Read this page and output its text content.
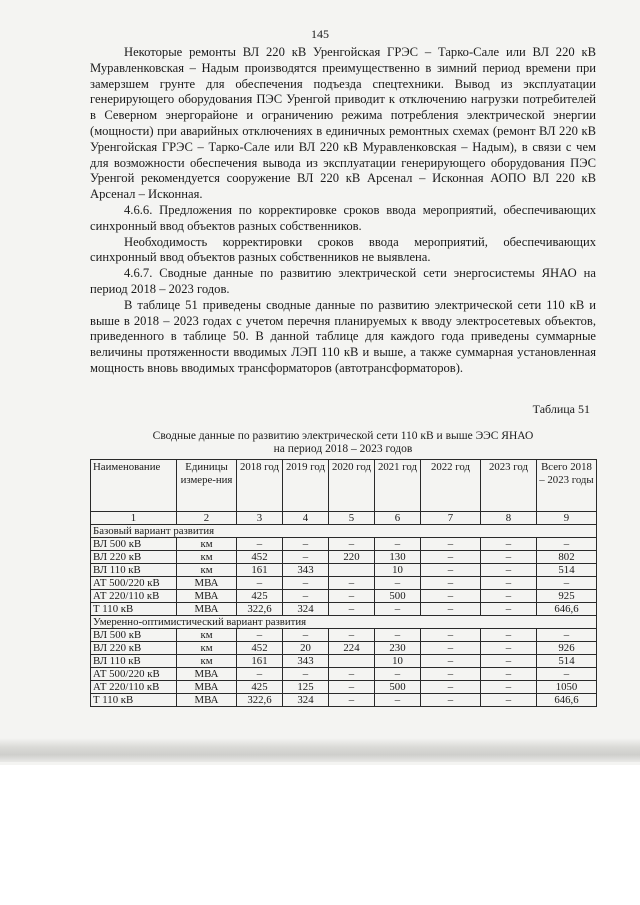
145

Некоторые ремонты ВЛ 220 кВ Уренгойская ГРЭС – Тарко-Сале или ВЛ 220 кВ Муравленковская – Надым производятся преимущественно в зимний период времени при замерзшем грунте для обеспечения подъезда спецтехники. Вывод из эксплуатации генерирующего оборудования ПЭС Уренгой приводит к отключению нагрузки потребителей в Северном энергорайоне и ограничению режима потребления электрической энергии (мощности) при аварийных отключениях в единичных ремонтных схемах (ремонт ВЛ 220 кВ Уренгойская ГРЭС – Тарко-Сале или ВЛ 220 кВ Муравленковская – Надым), в связи с чем для возможности обеспечения вывода из эксплуатации генерирующего оборудования ПЭС Уренгой рекомендуется сооружение ВЛ 220 кВ Арсенал – Исконная АОПО ВЛ 220 кВ Арсенал – Исконная.

4.6.6. Предложения по корректировке сроков ввода мероприятий, обеспечивающих синхронный ввод объектов разных собственников.

Необходимость корректировки сроков ввода мероприятий, обеспечивающих синхронный ввод объектов разных собственников не выявлена.

4.6.7. Сводные данные по развитию электрической сети энергосистемы ЯНАО на период 2018 – 2023 годов.

В таблице 51 приведены сводные данные по развитию электрической сети 110 кВ и выше в 2018 – 2023 годах с учетом перечня планируемых к вводу электросетевых объектов, приведенного в таблице 50. В данной таблице для каждого года приведены суммарные величины протяженности вводимых ЛЭП 110 кВ и выше, а также суммарная установленная мощность вновь вводимых трансформаторов (автотрансформаторов).

Таблица 51
Сводные данные по развитию электрической сети 110 кВ и выше ЭЭС ЯНАО
на период 2018 – 2023 годов
Наименование	Единицы измере-ния	2018 год	2019 год	2020 год	2021 год	2022 год	2023 год	Всего 2018 – 2023 годы
1	2	3	4	5	6	7	8	9
Базовый вариант развития								
ВЛ 500 кВ	км	–	–	–	–	–	–	–
ВЛ 220 кВ	км	452	–	220	130	–	–	802
ВЛ 110 кВ	км	161	343		10	–	–	514
АТ 500/220 кВ	МВА	–	–	–	–	–	–	–
АТ 220/110 кВ	МВА	425	–	–	500	–	–	925
Т 110 кВ	МВА	322,6	324	–	–	–	–	646,6
Умеренно-оптимистический вариант развития								
ВЛ 500 кВ	км	–	–	–	–	–	–	–
ВЛ 220 кВ	км	452	20	224	230	–	–	926
ВЛ 110 кВ	км	161	343		10	–	–	514
АТ 500/220 кВ	МВА	–	–	–	–	–	–	–
АТ 220/110 кВ	МВА	425	125	–	500	–	–	1050
Т 110 кВ	МВА	322,6	324	–	–	–	–	646,6
